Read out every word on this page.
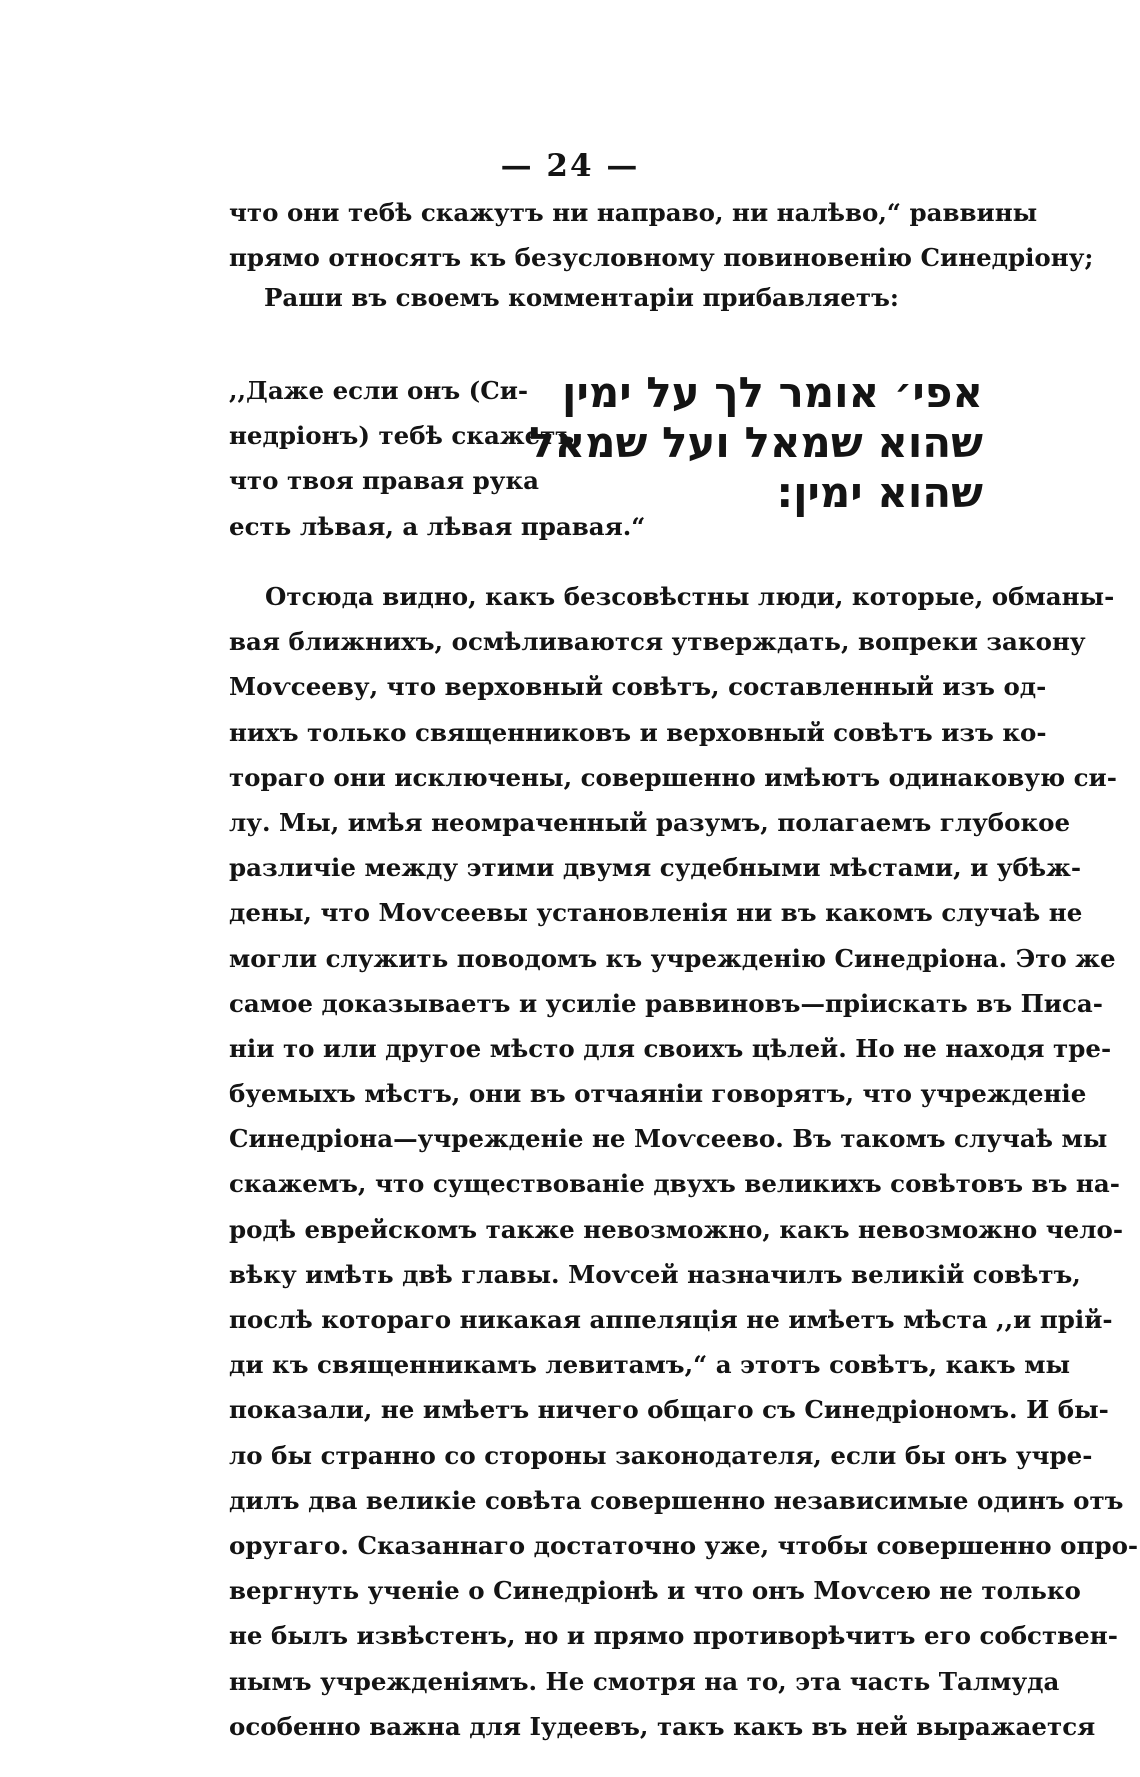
— 24 —
что они тебѣ скажутъ ни направо, ни налѣво,“ раввины
прямо относятъ къ безусловному повиновенію Синедріону;
Раши въ своемъ комментаріи прибавляетъ:
,,Даже если онъ (Си-
недріонъ) тебѣ скажетъ,
что твоя правая рука
есть лѣвая, а лѣвая правая.“
אפי׳ אומר לך על ימין
שהוא שמאל ועל שמאל
שהוא ימין:
Отсюда видно, какъ безсовѣстны люди, которые, обманы-
вая ближнихъ, осмѣливаются утверждать, вопреки закону
Моѵсееву, что верховный совѣтъ, составленный изъ од-
нихъ только священниковъ и верховный совѣтъ изъ ко-
тораго они исключены, совершенно имѣютъ одинаковую си-
лу. Мы, имѣя неомраченный разумъ, полагаемъ глубокое
различіе между этими двумя судебными мѣстами, и убѣж-
дены, что Моѵсеевы установленія ни въ какомъ случаѣ не
могли служить поводомъ къ учрежденію Синедріона. Это же
самое доказываетъ и усиліе раввиновъ—пріискать въ Писа-
ніи то или другое мѣсто для своихъ цѣлей. Но не находя тре-
буемыхъ мѣстъ, они въ отчаяніи говорятъ, что учрежденіе
Синедріона—учрежденіе не Моѵсеево. Въ такомъ случаѣ мы
скажемъ, что существованіе двухъ великихъ совѣтовъ въ на-
родѣ еврейскомъ также невозможно, какъ невозможно чело-
вѣку имѣть двѣ главы. Моѵсей назначилъ великій совѣтъ,
послѣ котораго никакая аппеляція не имѣетъ мѣста ,,и прій-
ди къ священникамъ левитамъ,“ а этотъ совѣтъ, какъ мы
показали, не имѣетъ ничего общаго съ Синедріономъ. И бы-
ло бы странно со стороны законодателя, если бы онъ учре-
дилъ два великіе совѣта совершенно независимые одинъ отъ
оругаго. Сказаннаго достаточно уже, чтобы совершенно опро-
вергнуть ученіе о Синедріонѣ и что онъ Моѵсею не только
не былъ извѣстенъ, но и прямо противорѣчитъ его собствен-
нымъ учрежденіямъ. Не смотря на то, эта часть Талмуда
особенно важна для Іудеевъ, такъ какъ въ ней выражается
